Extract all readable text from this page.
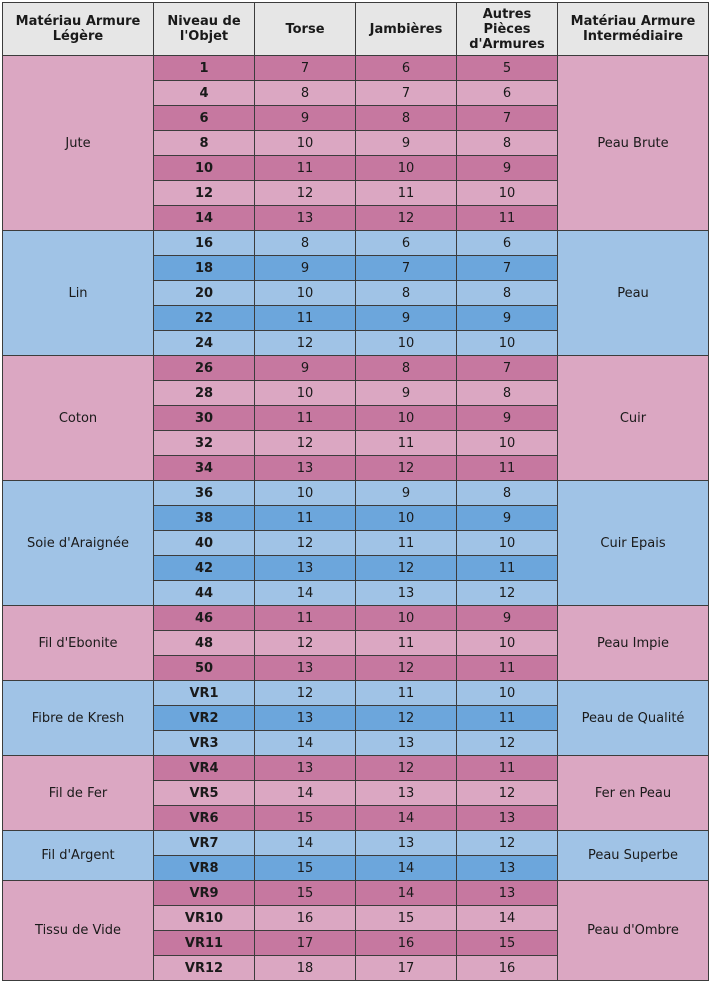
Matériau Armure Légère	Niveau de l'Objet	Torse	Jambières	Autres Pièces d'Armures	Matériau Armure Intermédiaire
Jute	1	7	6	5	Peau Brute
	4	8	7	6	
	6	9	8	7	
	8	10	9	8	
	10	11	10	9	
	12	12	11	10	
	14	13	12	11	
Lin	16	8	6	6	Peau
	18	9	7	7	
	20	10	8	8	
	22	11	9	9	
	24	12	10	10	
Coton	26	9	8	7	Cuir
	28	10	9	8	
	30	11	10	9	
	32	12	11	10	
	34	13	12	11	
Soie d'Araignée	36	10	9	8	Cuir Epais
	38	11	10	9	
	40	12	11	10	
	42	13	12	11	
	44	14	13	12	
Fil d'Ebonite	46	11	10	9	Peau Impie
	48	12	11	10	
	50	13	12	11	
Fibre de Kresh	VR1	12	11	10	Peau de Qualité
	VR2	13	12	11	
	VR3	14	13	12	
Fil de Fer	VR4	13	12	11	Fer en Peau
	VR5	14	13	12	
	VR6	15	14	13	
Fil d'Argent	VR7	14	13	12	Peau Superbe
	VR8	15	14	13	
Tissu de Vide	VR9	15	14	13	Peau d'Ombre
	VR10	16	15	14	
	VR11	17	16	15	
	VR12	18	17	16	
